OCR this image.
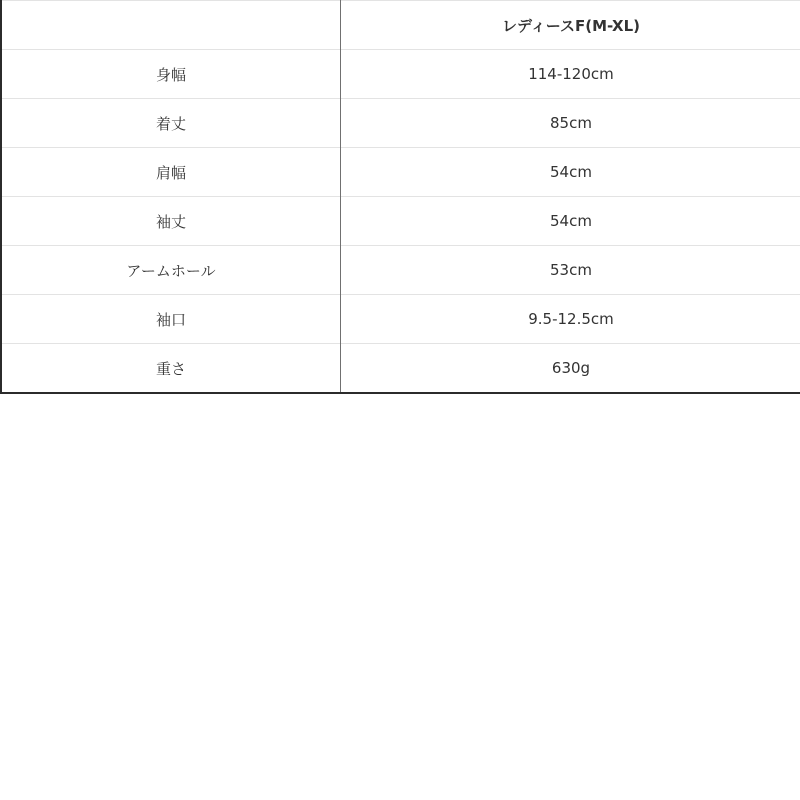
	レディースF(M-XL)
身幅	114-120cm
着丈	85cm
肩幅	54cm
袖丈	54cm
アームホール	53cm
袖口	9.5-12.5cm
重さ	630g
